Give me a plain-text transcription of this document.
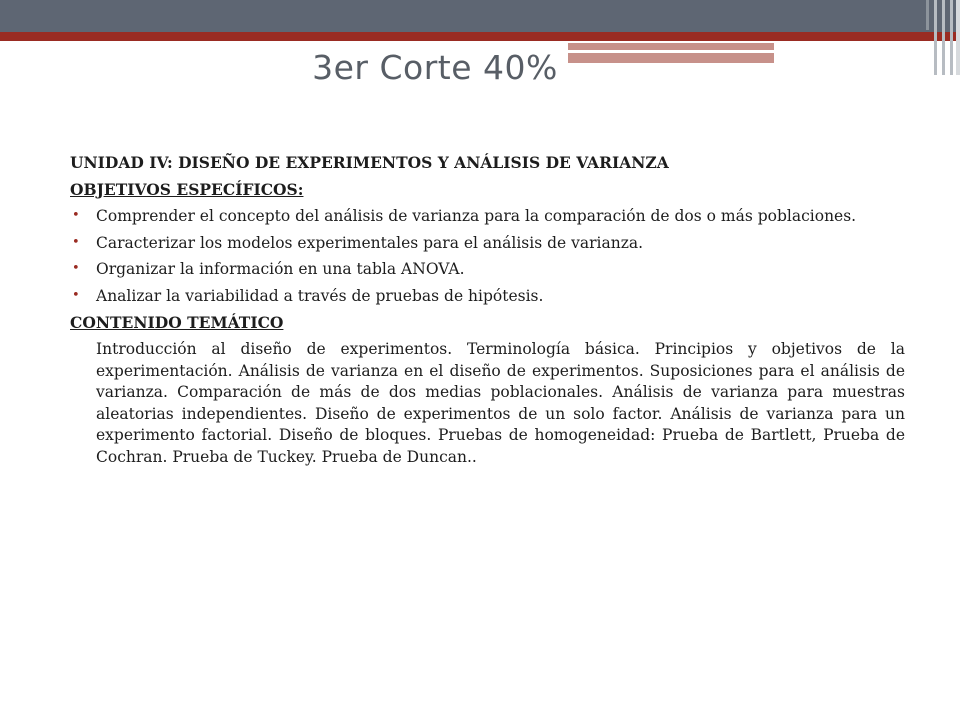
3er Corte 40%
UNIDAD IV: DISEÑO DE EXPERIMENTOS Y ANÁLISIS DE VARIANZA
OBJETIVOS ESPECÍFICOS:
• Comprender el concepto del análisis de varianza para la comparación de dos o más poblaciones.
• Caracterizar los modelos experimentales para el análisis de varianza.
• Organizar la información en una tabla ANOVA.
• Analizar la variabilidad a través de pruebas de hipótesis.
CONTENIDO TEMÁTICO
Introducción al diseño de experimentos. Terminología básica. Principios y objetivos de la experimentación. Análisis de varianza en el diseño de experimentos. Suposiciones para el análisis de varianza. Comparación de más de dos medias poblacionales. Análisis de varianza para muestras aleatorias independientes. Diseño de experimentos de un solo factor. Análisis de varianza para un experimento factorial. Diseño de bloques. Pruebas de homogeneidad: Prueba de Bartlett, Prueba de Cochran. Prueba de Tuckey. Prueba de Duncan..
